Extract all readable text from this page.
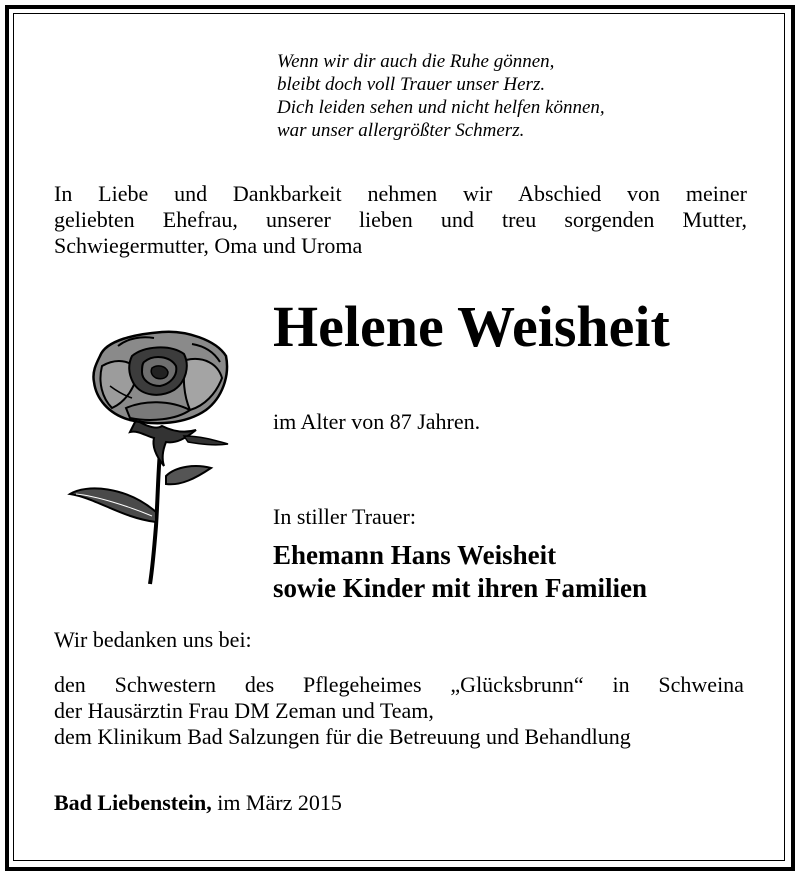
Wenn wir dir auch die Ruhe gönnen,
bleibt doch voll Trauer unser Herz.
Dich leiden sehen und nicht helfen können,
war unser allergrößter Schmerz.
In Liebe und Dankbarkeit nehmen wir Abschied von meiner
geliebten Ehefrau, unserer lieben und treu sorgenden Mutter,
Schwiegermutter, Oma und Uroma
Helene Weisheit
im Alter von 87 Jahren.
In stiller Trauer:
Ehemann Hans Weisheit
sowie Kinder mit ihren Familien
Wir bedanken uns bei:
den Schwestern des Pflegeheimes „Glücksbrunn“ in Schweina
der Hausärztin Frau DM Zeman und Team,
dem Klinikum Bad Salzungen für die Betreuung und Behandlung
Bad Liebenstein, im März 2015
